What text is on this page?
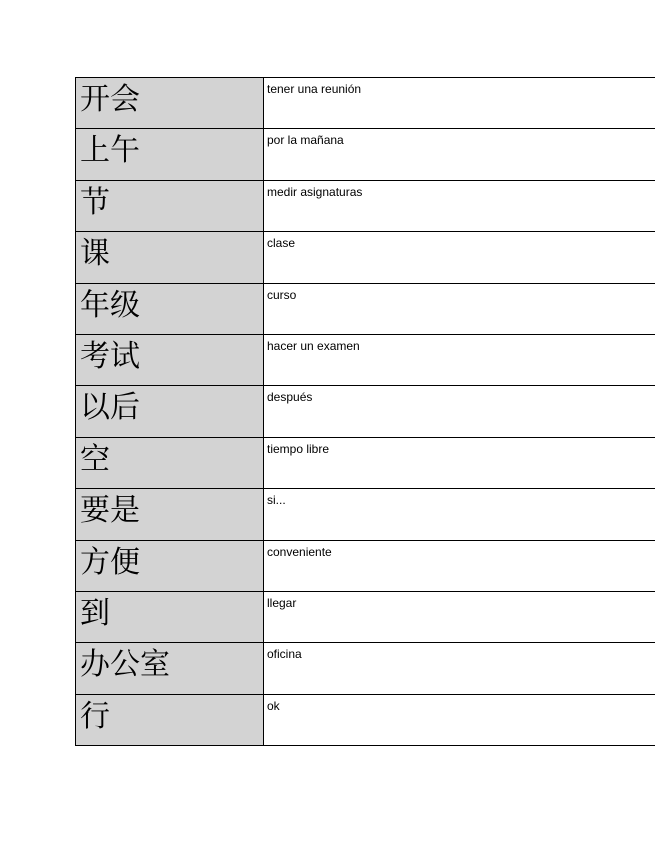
开会	tener una reunión

上午	por la mañana

节	medir asignaturas

课	clase

年级	curso

考试	hacer un examen

以后	después

空	tiempo libre

要是	si...

方便	conveniente

到	llegar

办公室	oficina

行	ok
